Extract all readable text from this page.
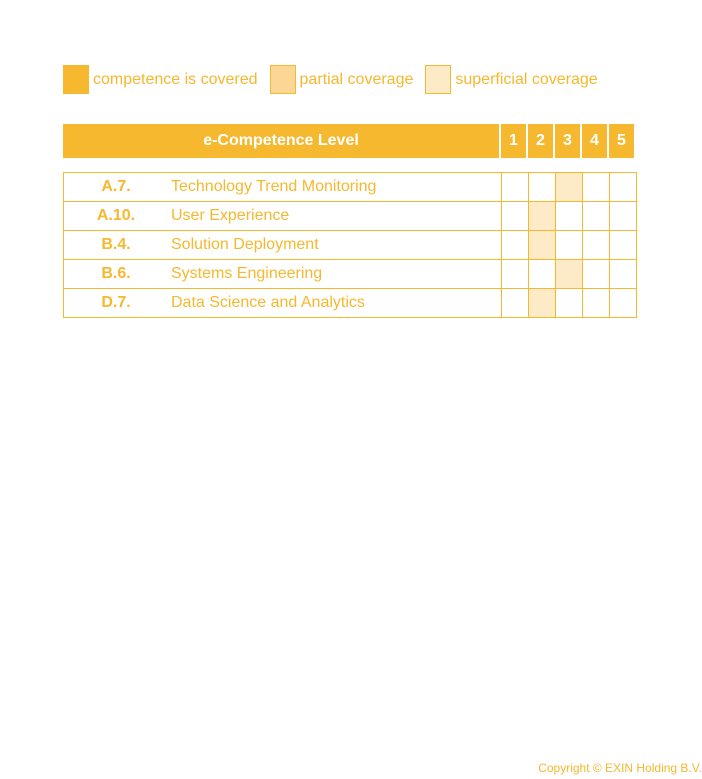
competence is covered	partial coverage	superficial coverage
e-Competence Level	1	2	3	4	5
A.7. Technology Trend Monitoring					

A.10. User Experience					

B.4. Solution Deployment					

B.6. Systems Engineering					

D.7. Data Science and Analytics					

Copyright © EXIN Holding B.V.
